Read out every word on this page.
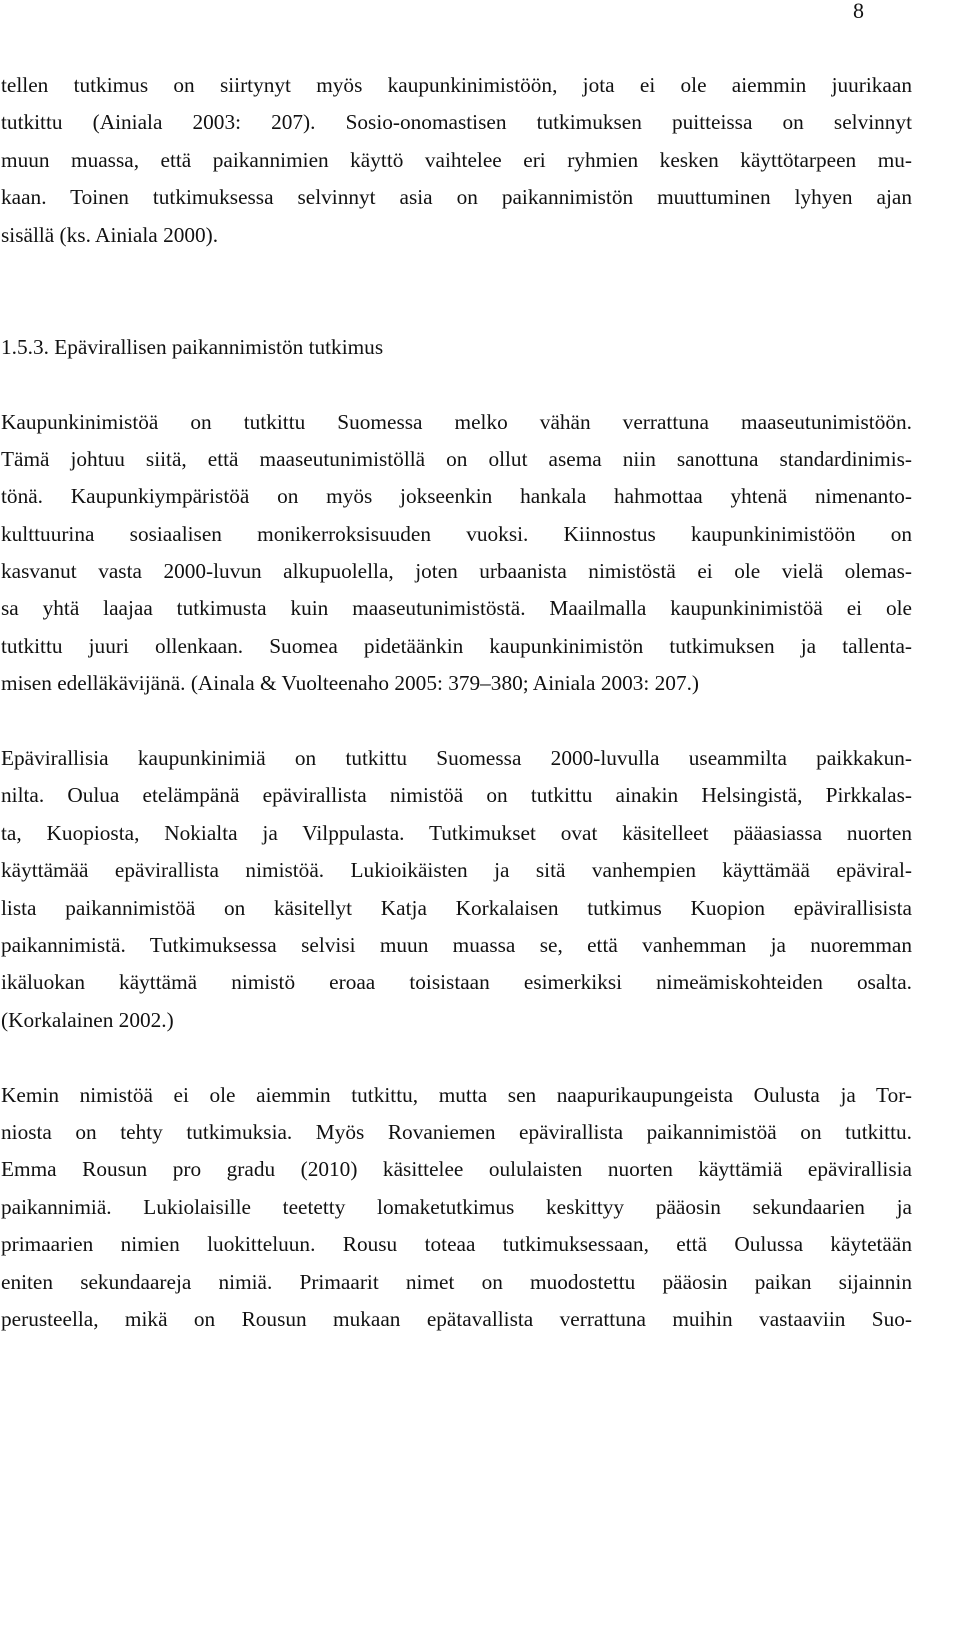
8
tellen tutkimus on siirtynyt myös kaupunkinimistöön, jota ei ole aiemmin juurikaan
tutkittu (Ainiala 2003: 207). Sosio-onomastisen tutkimuksen puitteissa on selvinnyt
muun muassa, että paikannimien käyttö vaihtelee eri ryhmien kesken käyttötarpeen mu-
kaan. Toinen tutkimuksessa selvinnyt asia on paikannimistön muuttuminen lyhyen ajan
sisällä (ks. Ainiala 2000).
1.5.3. Epävirallisen paikannimistön tutkimus
Kaupunkinimistöä on tutkittu Suomessa melko vähän verrattuna maaseutunimistöön.
Tämä johtuu siitä, että maaseutunimistöllä on ollut asema niin sanottuna standardinimis-
tönä. Kaupunkiympäristöä on myös jokseenkin hankala hahmottaa yhtenä nimenanto-
kulttuurina sosiaalisen monikerroksisuuden vuoksi. Kiinnostus kaupunkinimistöön on
kasvanut vasta 2000-luvun alkupuolella, joten urbaanista nimistöstä ei ole vielä olemas-
sa yhtä laajaa tutkimusta kuin maaseutunimistöstä. Maailmalla kaupunkinimistöä ei ole
tutkittu juuri ollenkaan. Suomea pidetäänkin kaupunkinimistön tutkimuksen ja tallenta-
misen edelläkävijänä. (Ainala & Vuolteenaho 2005: 379–380; Ainiala 2003: 207.)
Epävirallisia kaupunkinimiä on tutkittu Suomessa 2000-luvulla useammilta paikkakun-
nilta. Oulua etelämpänä epävirallista nimistöä on tutkittu ainakin Helsingistä, Pirkkalas-
ta, Kuopiosta, Nokialta ja Vilppulasta. Tutkimukset ovat käsitelleet pääasiassa nuorten
käyttämää epävirallista nimistöä. Lukioikäisten ja sitä vanhempien käyttämää epäviral-
lista paikannimistöä on käsitellyt Katja Korkalaisen tutkimus Kuopion epävirallisista
paikannimistä. Tutkimuksessa selvisi muun muassa se, että vanhemman ja nuoremman
ikäluokan käyttämä nimistö eroaa toisistaan esimerkiksi nimeämiskohteiden osalta.
(Korkalainen 2002.)
Kemin nimistöä ei ole aiemmin tutkittu, mutta sen naapurikaupungeista Oulusta ja Tor-
niosta on tehty tutkimuksia. Myös Rovaniemen epävirallista paikannimistöä on tutkittu.
Emma Rousun pro gradu (2010) käsittelee oululaisten nuorten käyttämiä epävirallisia
paikannimiä. Lukiolaisille teetetty lomaketutkimus keskittyy pääosin sekundaarien ja
primaarien nimien luokitteluun. Rousu toteaa tutkimuksessaan, että Oulussa käytetään
eniten sekundaareja nimiä. Primaarit nimet on muodostettu pääosin paikan sijainnin
perusteella, mikä on Rousun mukaan epätavallista verrattuna muihin vastaaviin Suo-
